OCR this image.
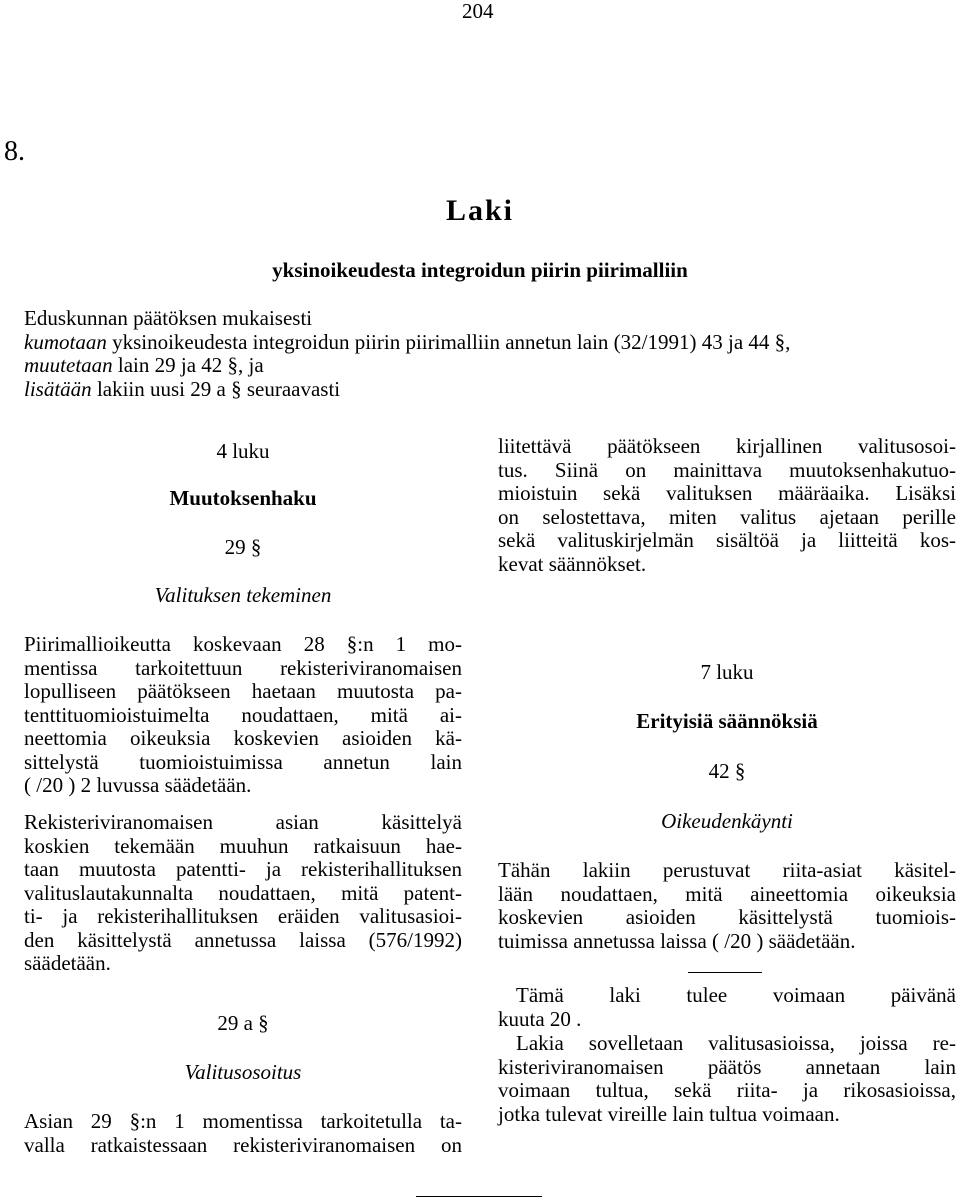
204
8.
Laki
yksinoikeudesta integroidun piirin piirimalliin
Eduskunnan päätöksen mukaisesti
kumotaan yksinoikeudesta integroidun piirin piirimalliin annetun lain (32/1991) 43 ja 44 §,
muutetaan lain 29 ja 42 §, ja
lisätään lakiin uusi 29 a § seuraavasti
4 luku
Muutoksenhaku
29 §
Valituksen tekeminen
Piirimallioikeutta koskevaan 28 §:n 1 mo-
mentissa tarkoitettuun rekisteriviranomaisen
lopulliseen päätökseen haetaan muutosta pa-
tenttituomioistuimelta noudattaen, mitä ai-
neettomia oikeuksia koskevien asioiden kä-
sittelystä tuomioistuimissa annetun lain
( /20 ) 2 luvussa säädetään.
Rekisteriviranomaisen asian käsittelyä
koskien tekemään muuhun ratkaisuun hae-
taan muutosta patentti- ja rekisterihallituksen
valituslautakunnalta noudattaen, mitä patent-
ti- ja rekisterihallituksen eräiden valitusasioi-
den käsittelystä annetussa laissa (576/1992)
säädetään.
29 a §
Valitusosoitus
Asian 29 §:n 1 momentissa tarkoitetulla ta-
valla ratkaistessaan rekisteriviranomaisen on
liitettävä päätökseen kirjallinen valitusosoi-
tus. Siinä on mainittava muutoksenhakutuo-
mioistuin sekä valituksen määräaika. Lisäksi
on selostettava, miten valitus ajetaan perille
sekä valituskirjelmän sisältöä ja liitteitä kos-
kevat säännökset.
7 luku
Erityisiä säännöksiä
42 §
Oikeudenkäynti
Tähän lakiin perustuvat riita-asiat käsitel-
lään noudattaen, mitä aineettomia oikeuksia
koskevien asioiden käsittelystä tuomiois-
tuimissa annetussa laissa ( /20 ) säädetään.
Tämä laki tulee voimaan päivänä
kuuta 20 .
Lakia sovelletaan valitusasioissa, joissa re-
kisteriviranomaisen päätös annetaan lain
voimaan tultua, sekä riita- ja rikosasioissa,
jotka tulevat vireille lain tultua voimaan.
